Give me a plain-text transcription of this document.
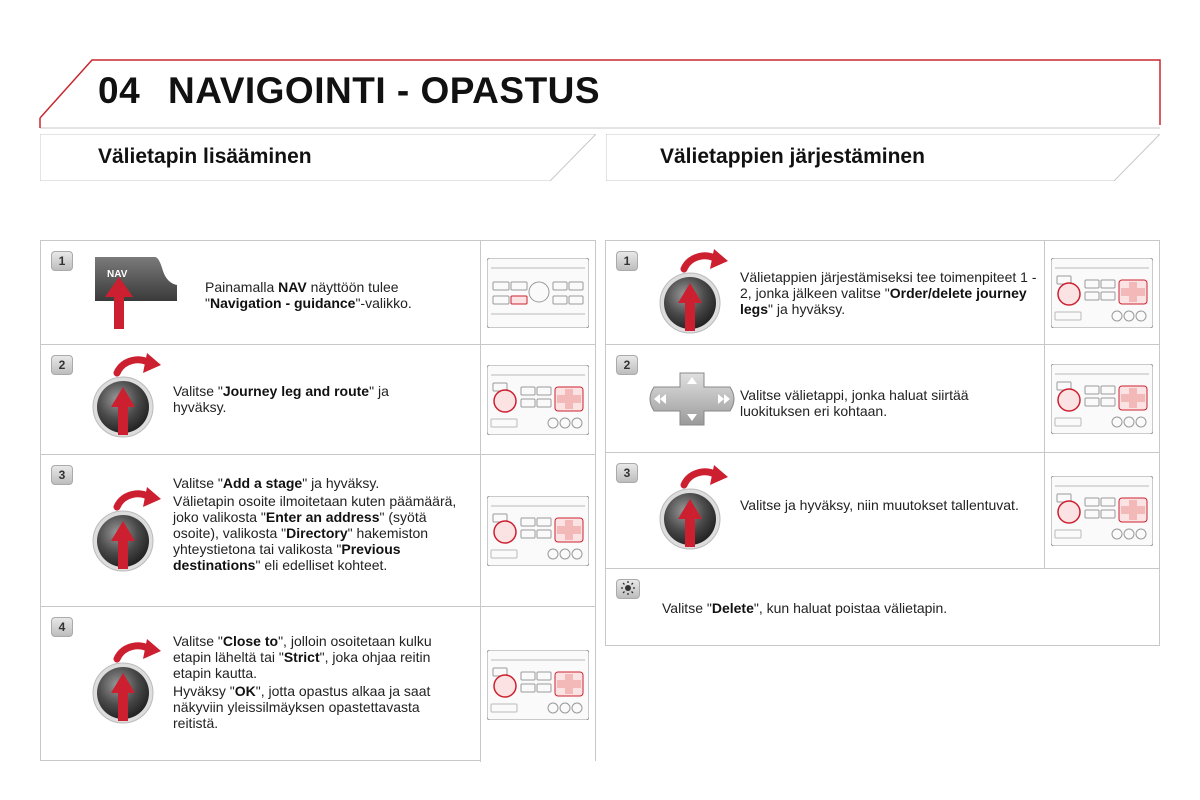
04 NAVIGOINTI - OPASTUS
Välietapin lisääminen	Välietappien järjestäminen
1
NAV
Painamalla NAV näyttöön tulee "Navigation - guidance"-valikko.
2
Valitse "Journey leg and route" ja hyväksy.
3	Valitse "Add a stage" ja hyväksy.

Välietapin osoite ilmoitetaan kuten päämäärä, joko valikosta "Enter an address" (syötä osoite), valikosta "Directory" hakemiston yhteystietona tai valikosta "Previous destinations" eli edelliset kohteet.

4

Valitse "Close to", jolloin osoitetaan kulku etapin läheltä tai "Strict", joka ohjaa reitin etapin kautta.

Hyväksy "OK", jotta opastus alkaa ja saat näkyviin yleissilmäyksen opastettavasta reitistä.

1
Välietappien järjestämiseksi tee toimenpiteet 1 - 2, jonka jälkeen valitse "Order/delete journey legs" ja hyväksy.
2
Valitse välietappi, jonka haluat siirtää luokituksen eri kohtaan.
3
Valitse ja hyväksy, niin muutokset tallentuvat.
Valitse "Delete", kun haluat poistaa välietapin.
